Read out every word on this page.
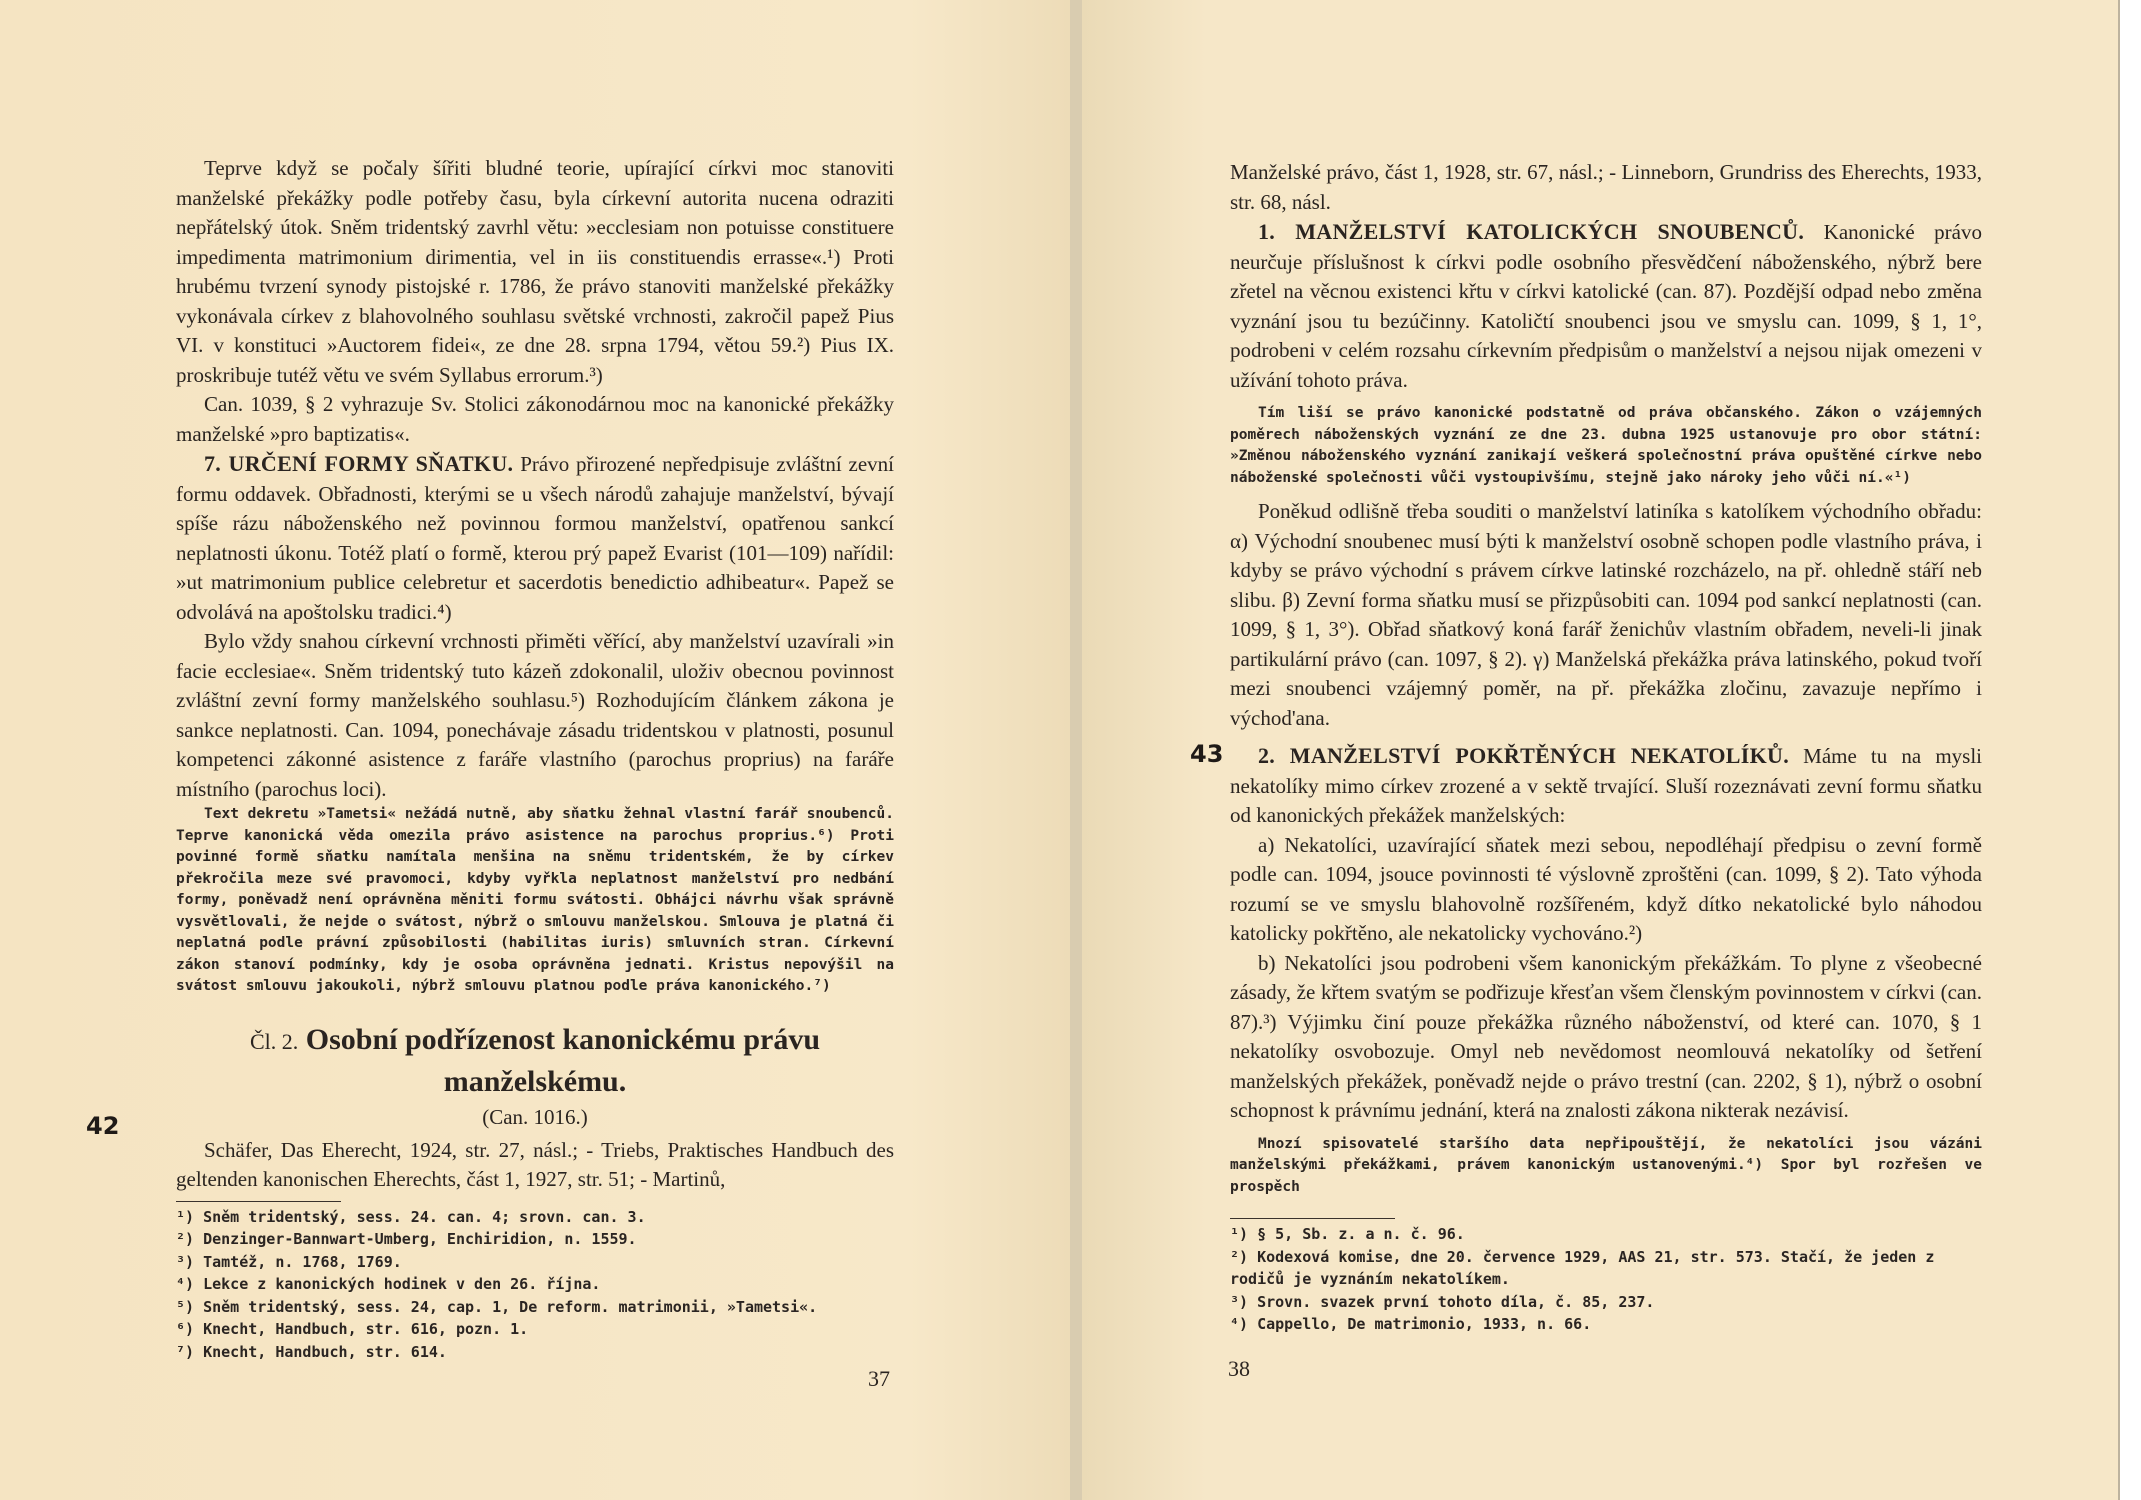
Teprve když se počaly šířiti bludné teorie, upírající církvi moc stanoviti manželské překážky podle potřeby času, byla církevní autorita nucena odraziti nepřátelský útok. Sněm tridentský zavrhl větu: »ecclesiam non potuisse constituere impedimenta matrimonium dirimentia, vel in iis constituendis errasse«.¹) Proti hrubému tvrzení synody pistojské r. 1786, že právo stanoviti manželské překážky vykonávala církev z blahovolného souhlasu světské vrchnosti, zakročil papež Pius VI. v konstituci »Auctorem fidei«, ze dne 28. srpna 1794, větou 59.²) Pius IX. proskribuje tutéž větu ve svém Syllabus errorum.³)

Can. 1039, § 2 vyhrazuje Sv. Stolici zákonodárnou moc na kanonické překážky manželské »pro baptizatis«.

7. URČENÍ FORMY SŇATKU. Právo přirozené nepředpisuje zvláštní zevní formu oddavek. Obřadnosti, kterými se u všech národů zahajuje manželství, bývají spíše rázu náboženského než povinnou formou manželství, opatřenou sankcí neplatnosti úkonu. Totéž platí o formě, kterou prý papež Evarist (101—109) nařídil: »ut matrimonium publice celebretur et sacerdotis benedictio adhibeatur«. Papež se odvolává na apoštolsku tradici.⁴)

Bylo vždy snahou církevní vrchnosti přiměti věřící, aby manželství uzavírali »in facie ecclesiae«. Sněm tridentský tuto kázeň zdokonalil, uloživ obecnou povinnost zvláštní zevní formy manželského souhlasu.⁵) Rozhodujícím článkem zákona je sankce neplatnosti. Can. 1094, ponechávaje zásadu tridentskou v platnosti, posunul kompetenci zákonné asistence z faráře vlastního (parochus proprius) na faráře místního (parochus loci).

Text dekretu »Tametsi« nežádá nutně, aby sňatku žehnal vlastní farář snoubenců. Teprve kanonická věda omezila právo asistence na parochus proprius.⁶) Proti povinné formě sňatku namítala menšina na sněmu tridentském, že by církev překročila meze své pravomoci, kdyby vyřkla neplatnost manželství pro nedbání formy, poněvadž není oprávněna měniti formu svátosti. Obhájci návrhu však správně vysvětlovali, že nejde o svátost, nýbrž o smlouvu manželskou. Smlouva je platná či neplatná podle právní způsobilosti (habilitas iuris) smluvních stran. Církevní zákon stanoví podmínky, kdy je osoba oprávněna jednati. Kristus nepovýšil na svátost smlouvu jakoukoli, nýbrž smlouvu platnou podle práva kanonického.⁷)

Čl. 2. Osobní podřízenost kanonickému právu manželskému.
(Can. 1016.)

Schäfer, Das Eherecht, 1924, str. 27, násl.; - Triebs, Praktisches Handbuch des geltenden kanonischen Eherechts, část 1, 1927, str. 51; - Martinů,

¹) Sněm tridentský, sess. 24. can. 4; srovn. can. 3.
²) Denzinger-Bannwart-Umberg, Enchiridion, n. 1559.
³) Tamtéž, n. 1768, 1769.
⁴) Lekce z kanonických hodinek v den 26. října.
⁵) Sněm tridentský, sess. 24, cap. 1, De reform. matrimonii, »Tametsi«.
⁶) Knecht, Handbuch, str. 616, pozn. 1.
⁷) Knecht, Handbuch, str. 614.
42
37

Manželské právo, část 1, 1928, str. 67, násl.; - Linneborn, Grundriss des Eherechts, 1933, str. 68, násl.

1. MANŽELSTVÍ KATOLICKÝCH SNOUBENCŮ. Kanonické právo neurčuje příslušnost k církvi podle osobního přesvědčení náboženského, nýbrž bere zřetel na věcnou existenci křtu v církvi katolické (can. 87). Pozdější odpad nebo změna vyznání jsou tu bezúčinny. Katoličtí snoubenci jsou ve smyslu can. 1099, § 1, 1°, podrobeni v celém rozsahu církevním předpisům o manželství a nejsou nijak omezeni v užívání tohoto práva.

Tím liší se právo kanonické podstatně od práva občanského. Zákon o vzájemných poměrech náboženských vyznání ze dne 23. dubna 1925 ustanovuje pro obor státní: »Změnou náboženského vyznání zanikají veškerá společnostní práva opuštěné církve nebo náboženské společnosti vůči vystoupivšímu, stejně jako nároky jeho vůči ní.«¹)

Poněkud odlišně třeba souditi o manželství latiníka s katolíkem východního obřadu: α) Východní snoubenec musí býti k manželství osobně schopen podle vlastního práva, i kdyby se právo východní s právem církve latinské rozcházelo, na př. ohledně stáří neb slibu. β) Zevní forma sňatku musí se přizpůsobiti can. 1094 pod sankcí neplatnosti (can. 1099, § 1, 3°). Obřad sňatkový koná farář ženichův vlastním obřadem, neveli-li jinak partikulární právo (can. 1097, § 2). γ) Manželská překážka práva latinského, pokud tvoří mezi snoubenci vzájemný poměr, na př. překážka zločinu, zavazuje nepřímo i východ'ana.

2. MANŽELSTVÍ POKŘTĚNÝCH NEKATOLÍKŮ. Máme tu na mysli nekatolíky mimo církev zrozené a v sektě trvající. Sluší rozeznávati zevní formu sňatku od kanonických překážek manželských:

a) Nekatolíci, uzavírající sňatek mezi sebou, nepodléhají předpisu o zevní formě podle can. 1094, jsouce povinnosti té výslovně zproštěni (can. 1099, § 2). Tato výhoda rozumí se ve smyslu blahovolně rozšířeném, když dítko nekatolické bylo náhodou katolicky pokřtěno, ale nekatolicky vychováno.²)

b) Nekatolíci jsou podrobeni všem kanonickým překážkám. To plyne z všeobecné zásady, že křtem svatým se podřizuje křesťan všem členským povinnostem v církvi (can. 87).³) Výjimku činí pouze překážka různého náboženství, od které can. 1070, § 1 nekatolíky osvobozuje. Omyl neb nevědomost neomlouvá nekatolíky od šetření manželských překážek, poněvadž nejde o právo trestní (can. 2202, § 1), nýbrž o osobní schopnost k právnímu jednání, která na znalosti zákona nikterak nezávisí.

Mnozí spisovatelé staršího data nepřipouštějí, že nekatolíci jsou vázáni manželskými překážkami, právem kanonickým ustanovenými.⁴) Spor byl rozřešen ve prospěch

¹) § 5, Sb. z. a n. č. 96.
²) Kodexová komise, dne 20. července 1929, AAS 21, str. 573. Stačí, že jeden z rodičů je vyznáním nekatolíkem.
³) Srovn. svazek první tohoto díla, č. 85, 237.
⁴) Cappello, De matrimonio, 1933, n. 66.
43
38
